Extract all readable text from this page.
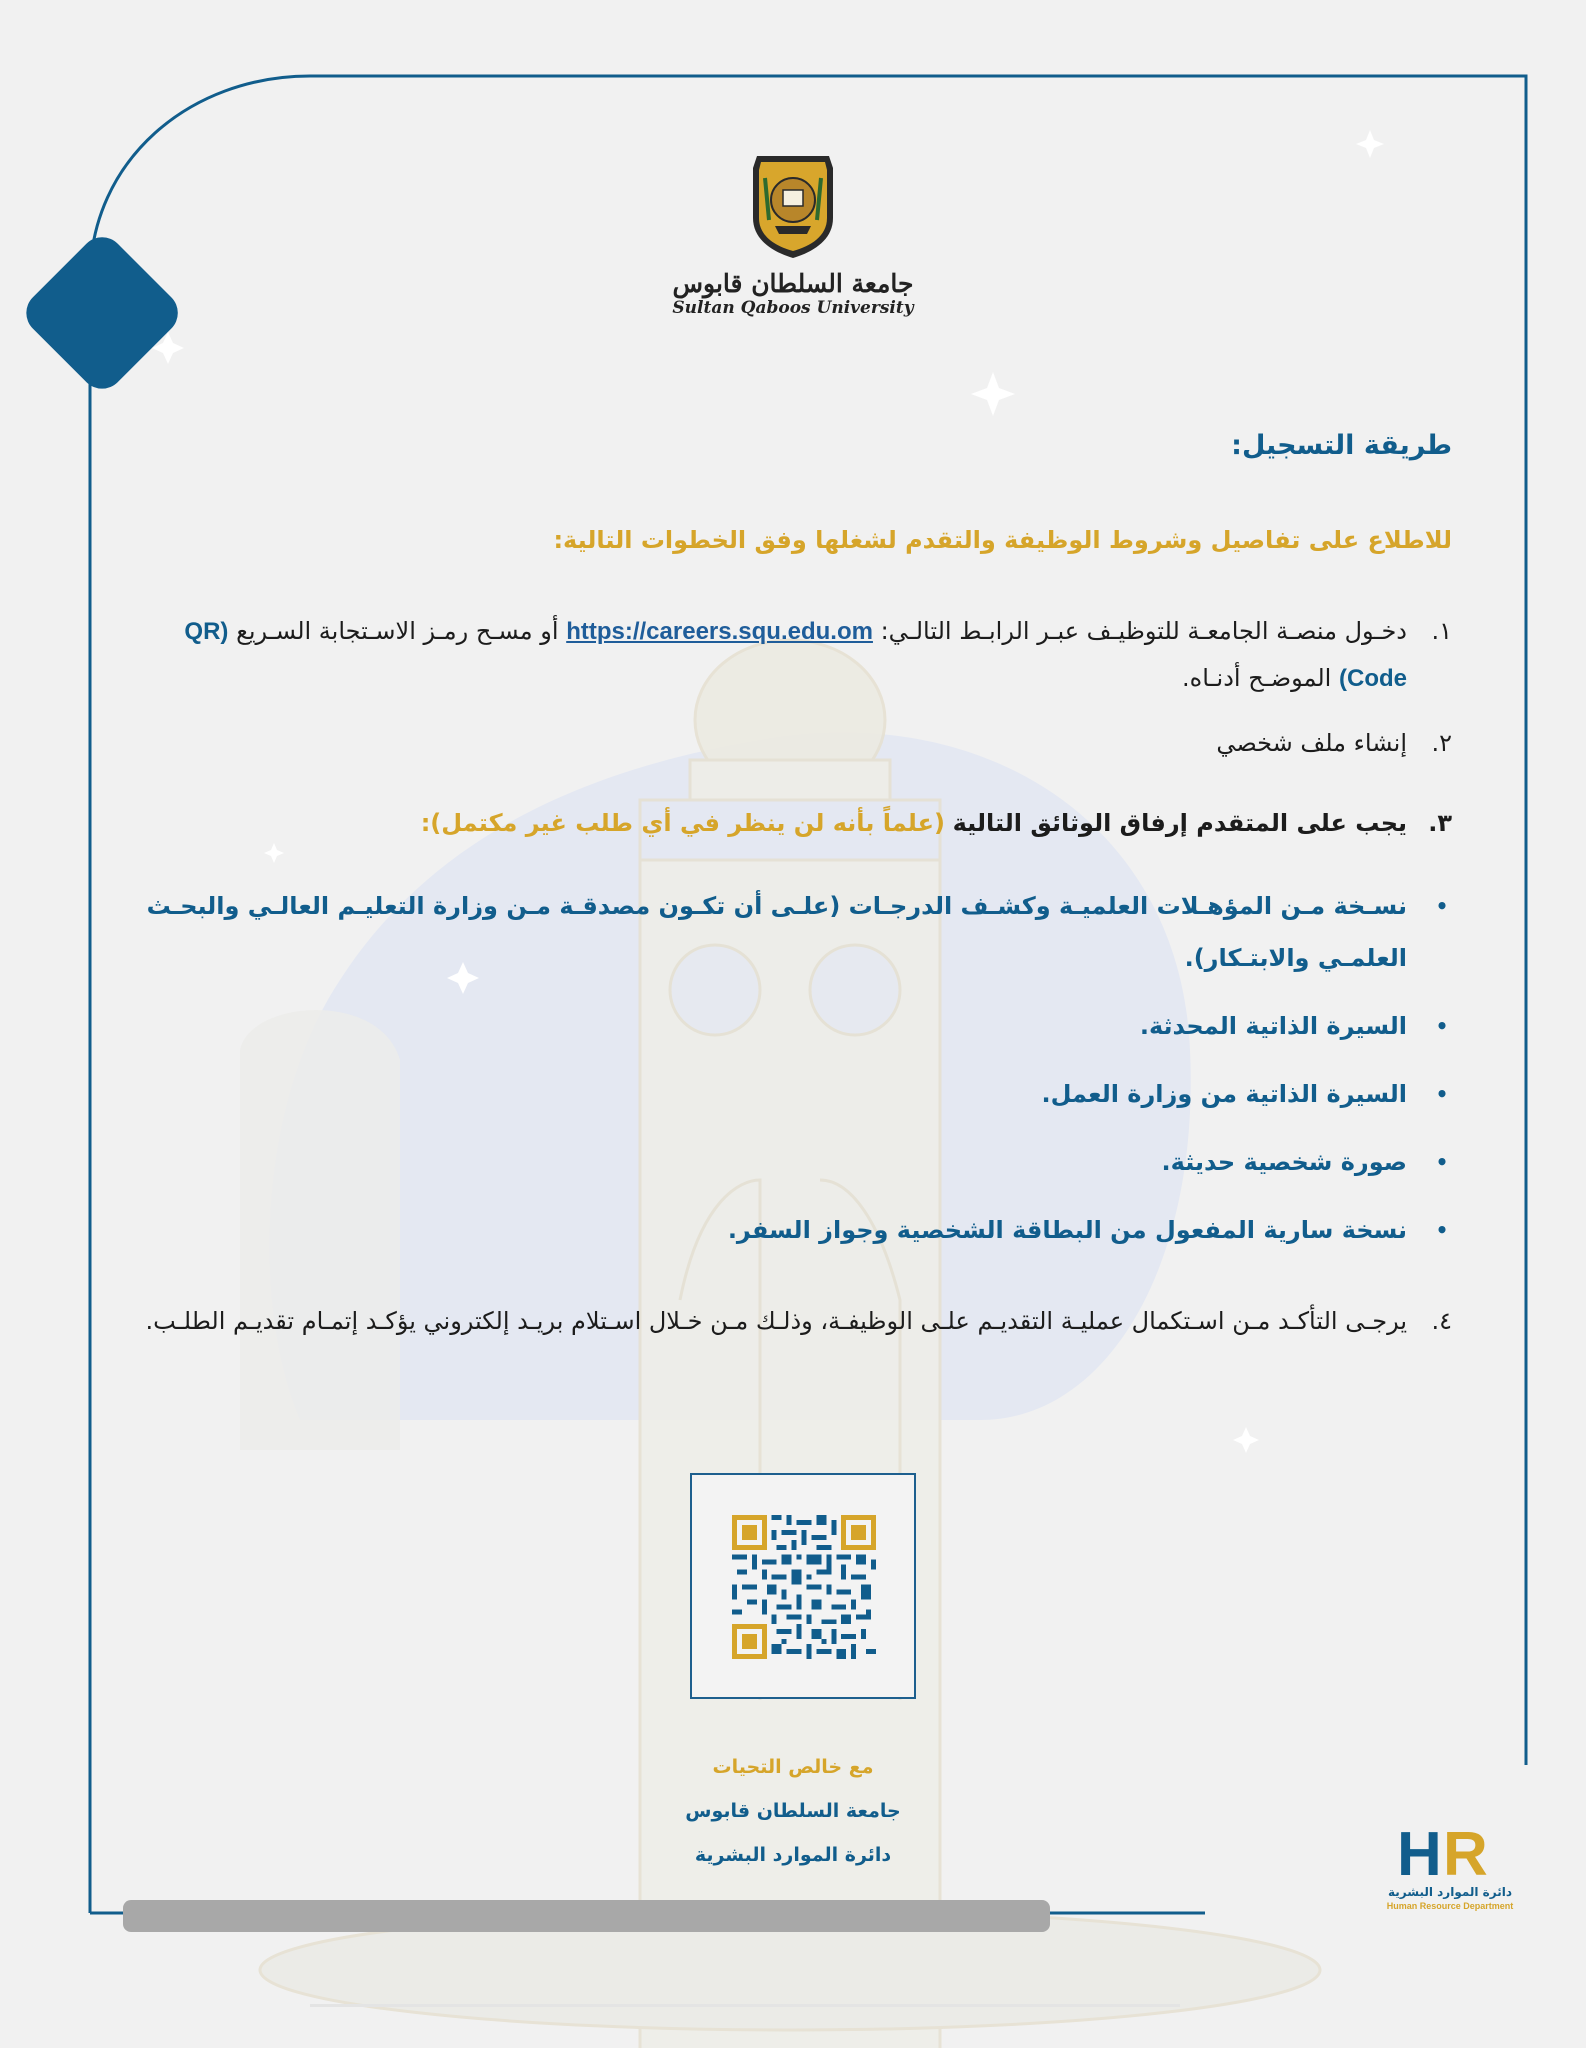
جامعة السلطان قابوس
Sultan Qaboos University
طريقة التسجيل:
للاطلاع على تفاصيل وشروط الوظيفة والتقدم لشغلها وفق الخطوات التالية:
١.
دخـول منصـة الجامعـة للتوظيـف عبـر الرابـط التالـي: https://careers.squ.edu.om أو مسـح رمـز الاسـتجابة السـريع (QR Code) الموضـح أدنـاه.
٢.
إنشاء ملف شخصي
٣.
يجب على المتقدم إرفاق الوثائق التالية (علماً بأنه لن ينظر في أي طلب غير مكتمل):
•
نسـخة مـن المؤهـلات العلميـة وكشـف الدرجـات (علـى أن تكـون مصدقـة مـن وزارة التعليـم العالـي والبحـث العلمـي والابتـكار).
•
السيرة الذاتية المحدثة.
•
السيرة الذاتية من وزارة العمل.
•
صورة شخصية حديثة.
•
نسخة سارية المفعول من البطاقة الشخصية وجواز السفر.
٤.
يرجـى التأكـد مـن اسـتكمال عمليـة التقديـم علـى الوظيفـة، وذلـك مـن خـلال اسـتلام بريـد إلكتروني يؤكـد إتمـام تقديـم الطلـب.
مع خالص التحيات
جامعة السلطان قابوس
دائرة الموارد البشرية	H R
دائرة الموارد البشرية
Human Resource Department
